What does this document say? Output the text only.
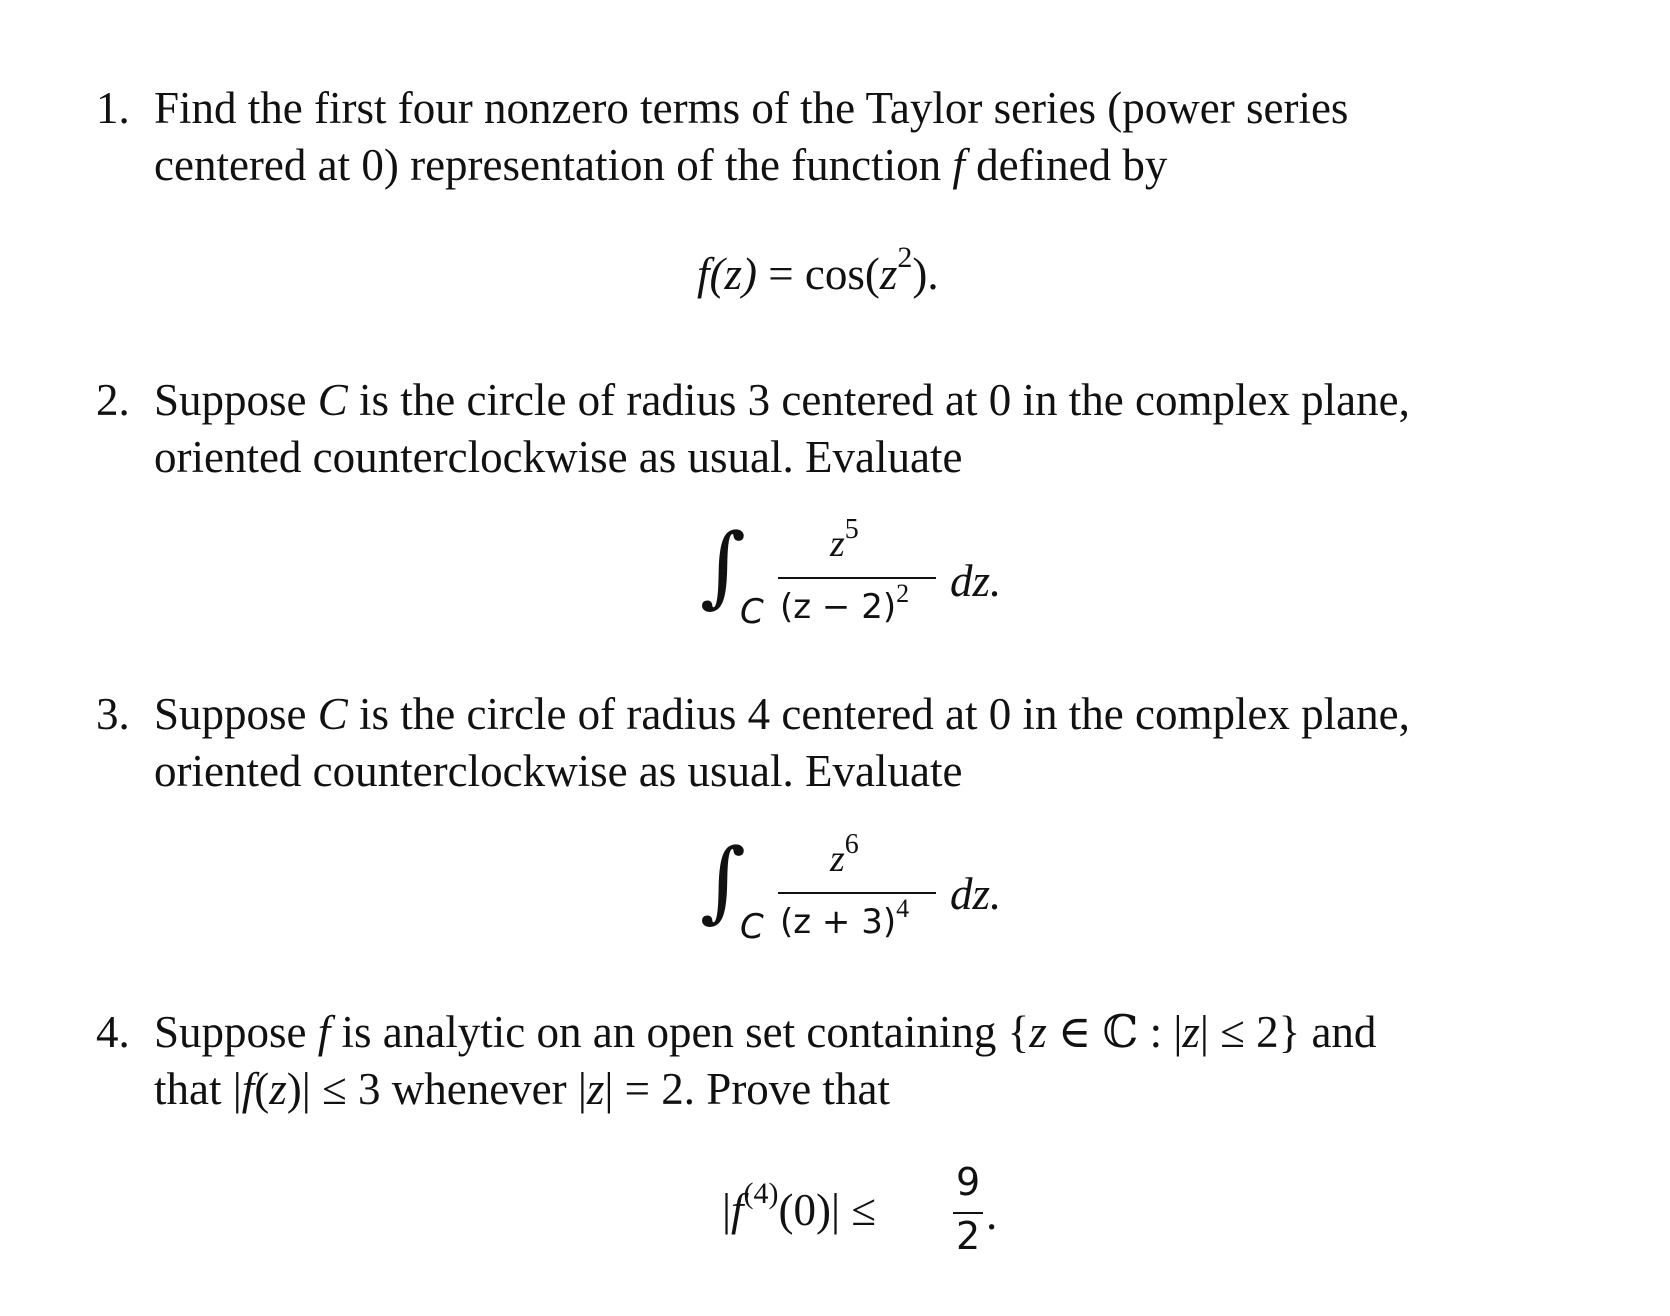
1. Find the first four nonzero terms of the Taylor series (power series
centered at 0) representation of the function f defined by
$f(z) = \cos(z^2)$.
2. Suppose C is the circle of radius 3 centered at 0 in the complex plane,
oriented counterclockwise as usual. Evaluate
∫
C
$z^5$
$(z - 2)^2$ dz.
3. Suppose C is the circle of radius 4 centered at 0 in the complex plane,
oriented counterclockwise as usual. Evaluate
∫
C
$z^6$
$(z + 3)^4$ dz.
4. Suppose f is analytic on an open set containing {z ∈ ℂ : |z| ≤ 2} and
that |f(z)| ≤ 3 whenever |z| = 2. Prove that
$|f^{(4)}(0)|$ ≤
9
2 .
